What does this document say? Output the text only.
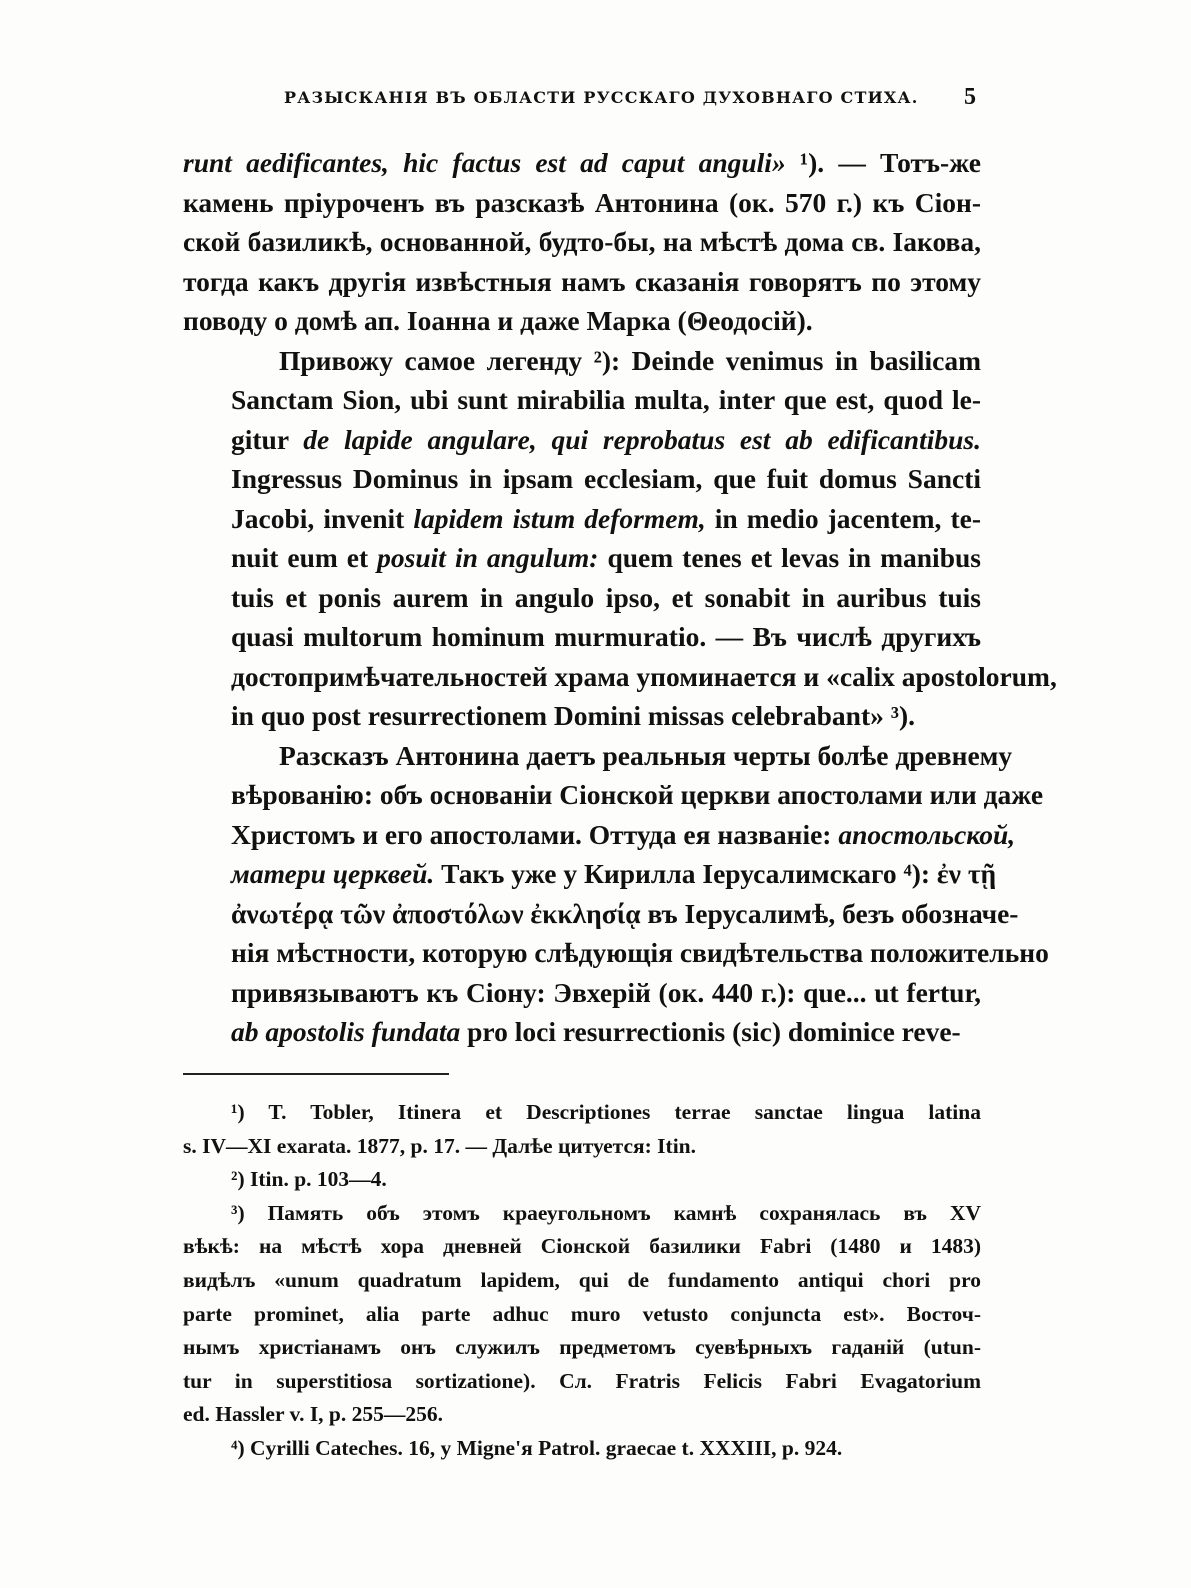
РАЗЫСКАНІЯ ВЪ ОБЛАСТИ РУССКАГО ДУХОВНАГО СТИХА. 5

runt aedificantes, hic factus est ad caput anguli» ¹). — Тотъ-же
камень пріуроченъ въ разсказѣ Антонина (ок. 570 г.) къ Сіон-
ской базиликѣ, основанной, будто-бы, на мѣстѣ дома св. Іакова,
тогда какъ другія извѣстныя намъ сказанія говорятъ по этому
поводу о домѣ ап. Іоанна и даже Марка (Θеодосій).

Привожу самое легенду ²): Deinde venimus in basilicam
Sanctam Sion, ubi sunt mirabilia multa, inter que est, quod le-
gitur de lapide angulare, qui reprobatus est ab edificantibus.
Ingressus Dominus in ipsam ecclesiam, que fuit domus Sancti
Jacobi, invenit lapidem istum deformem, in medio jacentem, te-
nuit eum et posuit in angulum: quem tenes et levas in manibus
tuis et ponis aurem in angulo ipso, et sonabit in auribus tuis
quasi multorum hominum murmuratio. — Въ числѣ другихъ
достопримѣчательностей храма упоминается и «calix apostolorum,
in quo post resurrectionem Domini missas celebrabant» ³).

Разсказъ Антонина даетъ реальныя черты болѣе древнему
вѣрованію: объ основаніи Сіонской церкви апостолами или даже
Христомъ и его апостолами. Оттуда ея названіе: апостольской,
матери церквей. Такъ уже у Кирилла Іерусалимскаго ⁴): ἐν τῇ
ἀνωτέρᾳ τῶν ἀποστόλων ἐκκλησίᾳ въ Іерусалимѣ, безъ обозначе-
нія мѣстности, которую слѣдующія свидѣтельства положительно
привязываютъ къ Сіону: Эвхерій (ок. 440 г.): que... ut fertur,
ab apostolis fundata pro loci resurrectionis (sic) dominice reve-

¹) T. Tobler, Itinera et Descriptiones terrae sanctae lingua latina
s. IV—XI exarata. 1877, p. 17. — Далѣе цитуется: Itin.
²) Itin. p. 103—4.
³) Память объ этомъ краеугольномъ камнѣ сохранялась въ XV
вѣкѣ: на мѣстѣ хора дневней Сіонской базилики Fabri (1480 и 1483)
видѣлъ «unum quadratum lapidem, qui de fundamento antiqui chori pro
parte prominet, alia parte adhuc muro vetusto conjuncta est». Восточ-
нымъ христіанамъ онъ служилъ предметомъ суевѣрныхъ гаданій (utun-
tur in superstitiosa sortizatione). Сл. Fratris Felicis Fabri Evagatorium
ed. Hassler v. I, p. 255—256.
⁴) Cyrilli Cateches. 16, y Migne'я Patrol. graecae t. XXXIII, p. 924.
